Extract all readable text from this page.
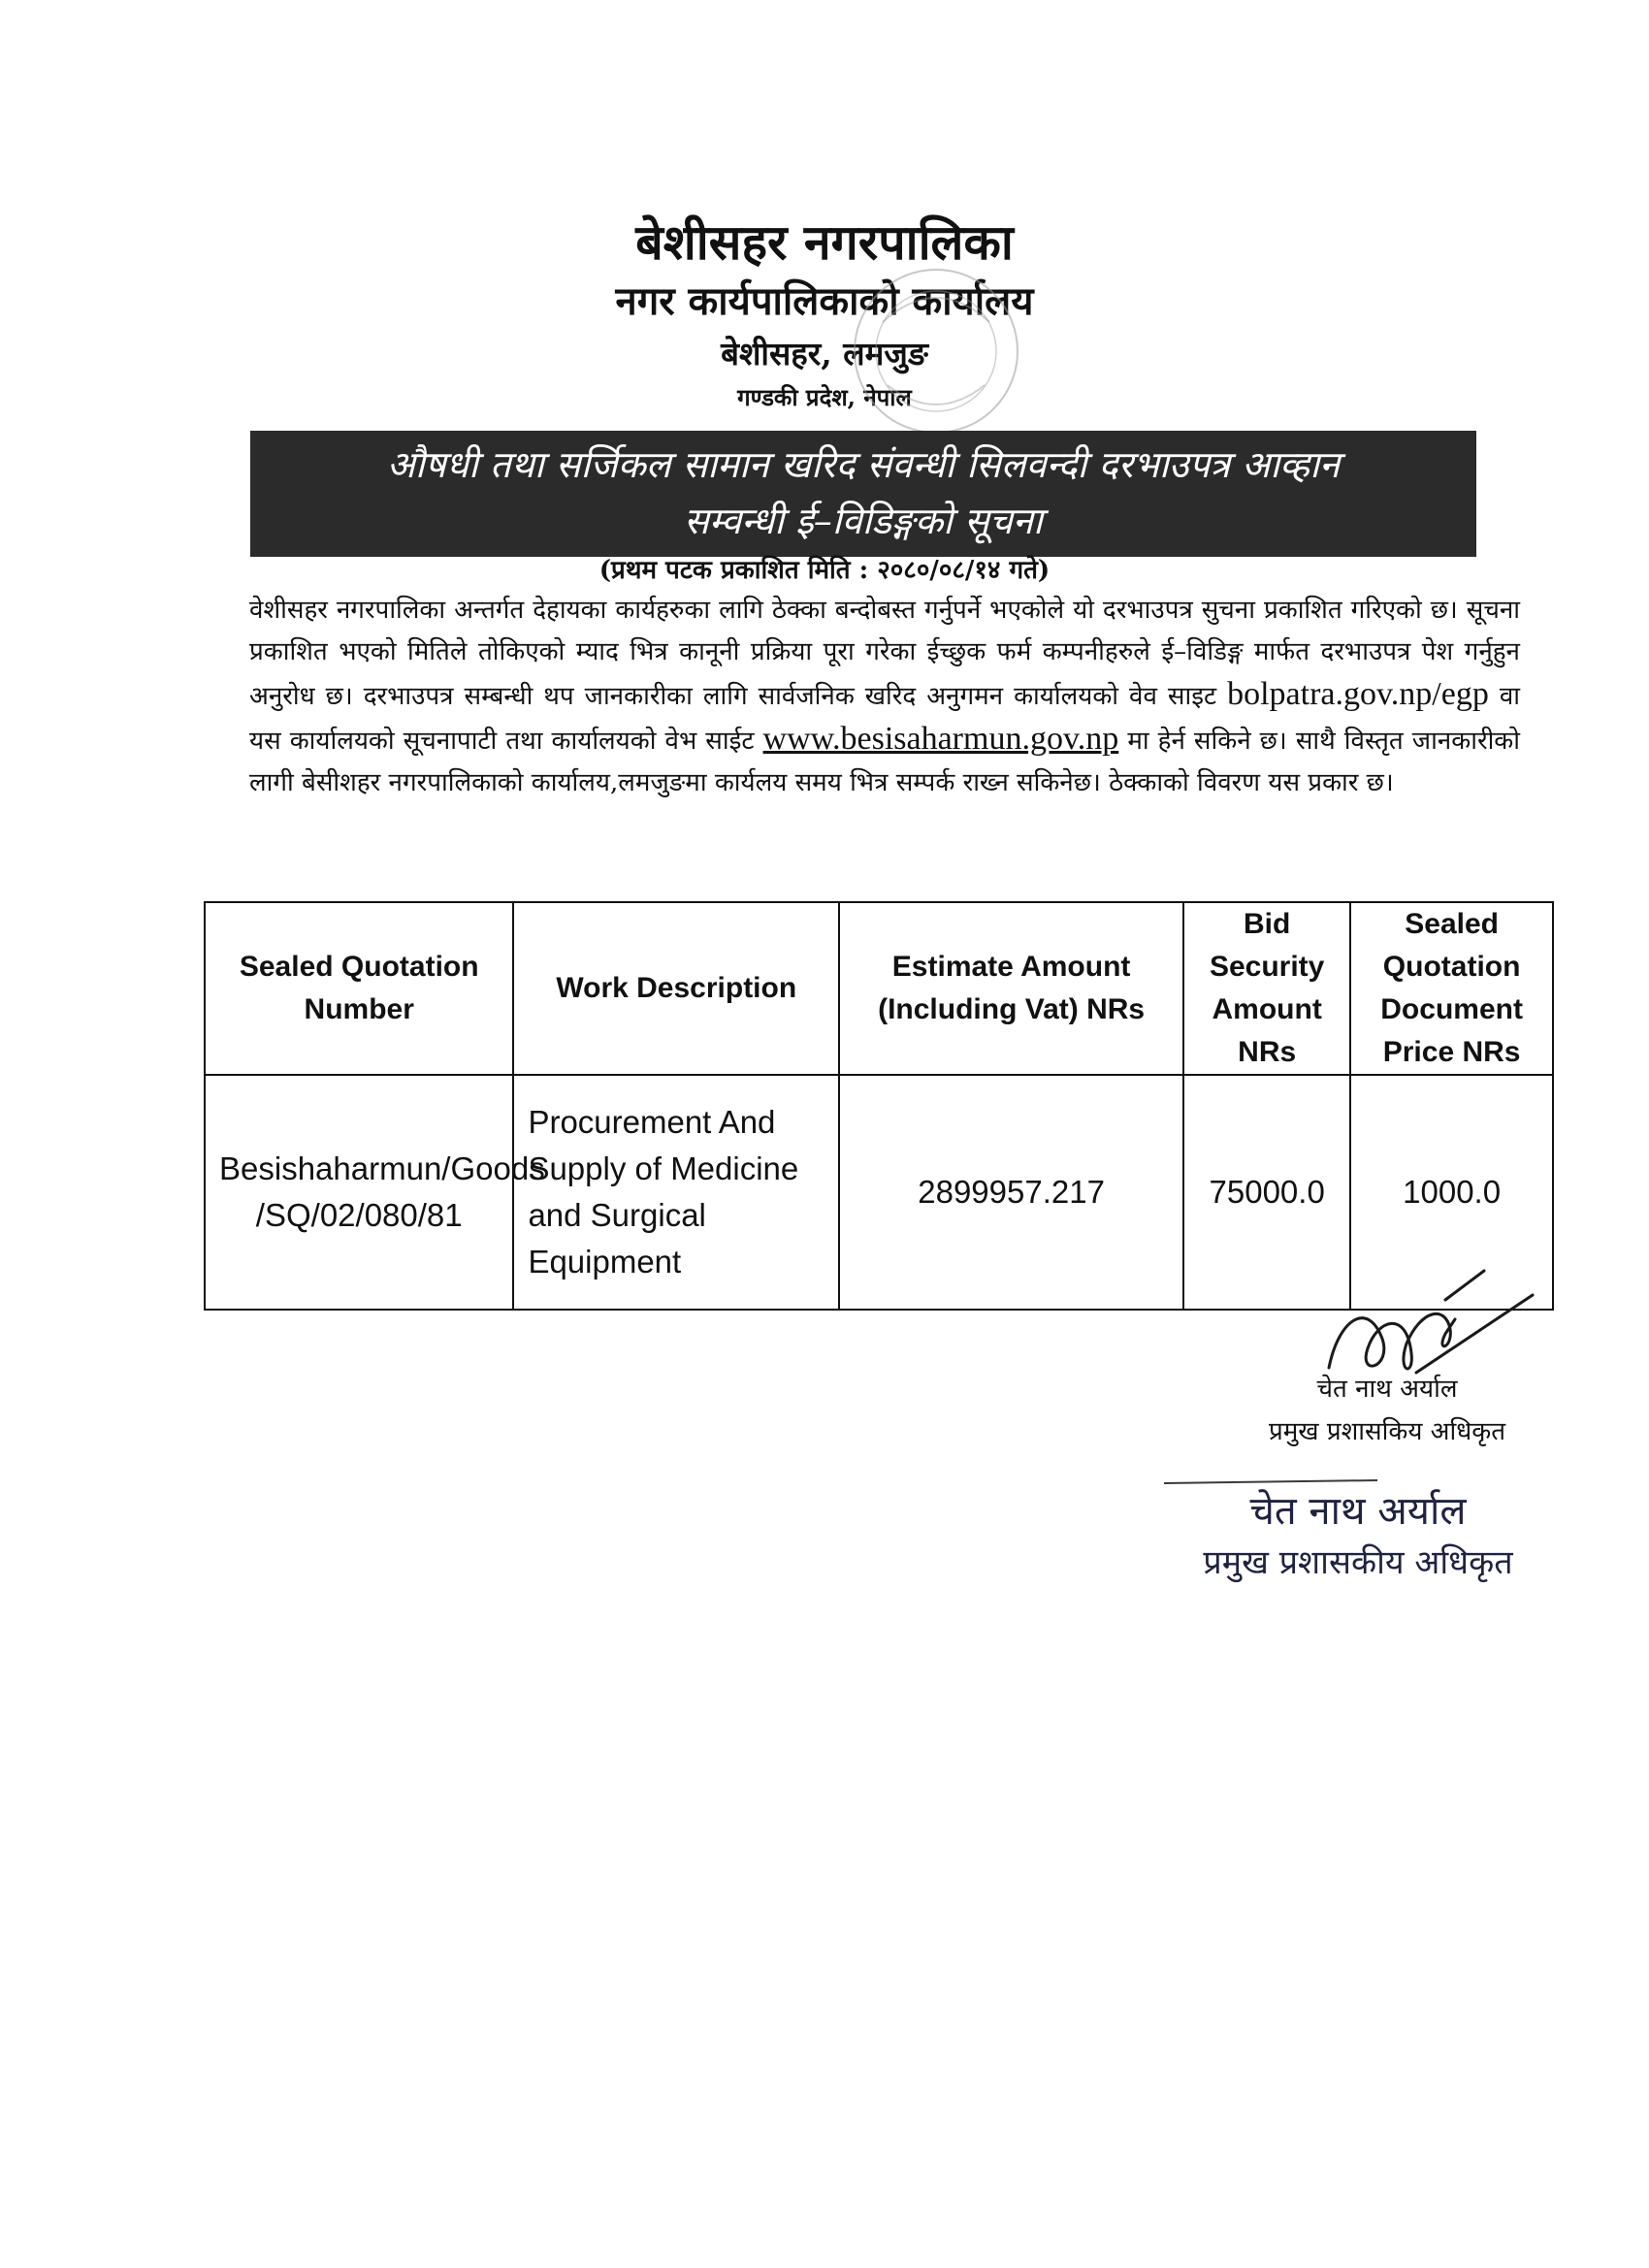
बेशीसहर नगरपालिका
नगर कार्यपालिकाको कार्यालय
बेशीसहर, लमजुङ
गण्डकी प्रदेश, नेपाल
औषधी तथा सर्जिकल सामान खरिद संवन्धी सिलवन्दी दरभाउपत्र आव्हान
सम्वन्धी ई–विडिङ्गको सूचना
(प्रथम पटक प्रकाशित मिति : २०८०/०८/१४ गते)
वेशीसहर नगरपालिका अन्तर्गत देहायका कार्यहरुका लागि ठेक्का बन्दोबस्त गर्नुपर्ने भएकोले यो दरभाउपत्र सुचना प्रकाशित गरिएको छ। सूचना प्रकाशित भएको मितिले तोकिएको म्याद भित्र कानूनी प्रक्रिया पूरा गरेका ईच्छुक फर्म कम्पनीहरुले ई–विडिङ्ग मार्फत दरभाउपत्र पेश गर्नुहुन अनुरोध छ। दरभाउपत्र सम्बन्धी थप जानकारीका लागि सार्वजनिक खरिद अनुगमन कार्यालयको वेव साइट bolpatra.gov.np/egp वा यस कार्यालयको सूचनापाटी तथा कार्यालयको वेभ साईट www.besisaharmun.gov.np मा हेर्न सकिने छ। साथै विस्तृत जानकारीको लागी बेसीशहर नगरपालिकाको कार्यालय,लमजुङमा कार्यलय समय भित्र सम्पर्क राख्न सकिनेछ। ठेक्काको विवरण यस प्रकार छ।
Sealed Quotation Number	Work Description	Estimate Amount (Including Vat) NRs	Bid Security Amount NRs	Sealed Quotation Document Price NRs
Besishaharmun/Goods /SQ/02/080/81	Procurement And Supply of Medicine and Surgical Equipment	2899957.217	75000.0	1000.0
चेत नाथ अर्याल
प्रमुख प्रशासकिय अधिकृत
चेत नाथ अर्याल
प्रमुख प्रशासकीय अधिकृत
